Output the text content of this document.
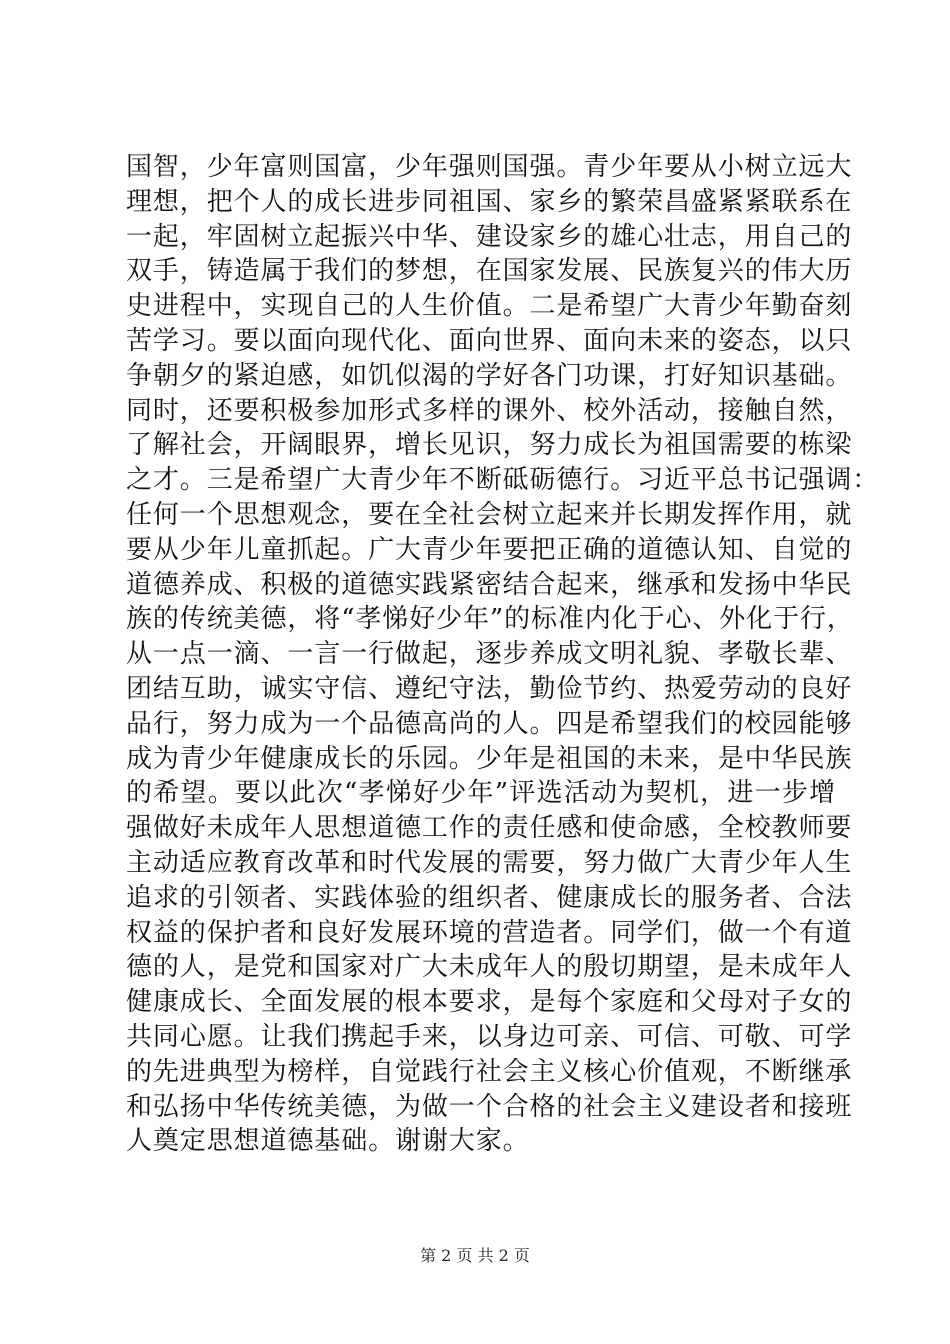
国智，少年富则国富，少年强则国强。青少年要从小树立远大
理想，把个人的成长进步同祖国、家乡的繁荣昌盛紧紧联系在
一起，牢固树立起振兴中华、建设家乡的雄心壮志，用自己的
双手，铸造属于我们的梦想，在国家发展、民族复兴的伟大历
史进程中，实现自己的人生价值。二是希望广大青少年勤奋刻
苦学习。要以面向现代化、面向世界、面向未来的姿态，以只
争朝夕的紧迫感，如饥似渴的学好各门功课，打好知识基础。
同时，还要积极参加形式多样的课外、校外活动，接触自然，
了解社会，开阔眼界，增长见识，努力成长为祖国需要的栋梁
之才。三是希望广大青少年不断砥砺德行。习近平总书记强调：
任何一个思想观念，要在全社会树立起来并长期发挥作用，就
要从少年儿童抓起。广大青少年要把正确的道德认知、自觉的
道德养成、积极的道德实践紧密结合起来，继承和发扬中华民
族的传统美德，将“孝悌好少年”的标准内化于心、外化于行，
从一点一滴、一言一行做起，逐步养成文明礼貌、孝敬长辈、
团结互助，诚实守信、遵纪守法，勤俭节约、热爱劳动的良好
品行，努力成为一个品德高尚的人。四是希望我们的校园能够
成为青少年健康成长的乐园。少年是祖国的未来，是中华民族
的希望。要以此次“孝悌好少年”评选活动为契机，进一步增
强做好未成年人思想道德工作的责任感和使命感，全校教师要
主动适应教育改革和时代发展的需要，努力做广大青少年人生
追求的引领者、实践体验的组织者、健康成长的服务者、合法
权益的保护者和良好发展环境的营造者。同学们，做一个有道
德的人，是党和国家对广大未成年人的殷切期望，是未成年人
健康成长、全面发展的根本要求，是每个家庭和父母对子女的
共同心愿。让我们携起手来，以身边可亲、可信、可敬、可学
的先进典型为榜样，自觉践行社会主义核心价值观，不断继承
和弘扬中华传统美德，为做一个合格的社会主义建设者和接班
人奠定思想道德基础。谢谢大家。
第 2 页 共 2 页
